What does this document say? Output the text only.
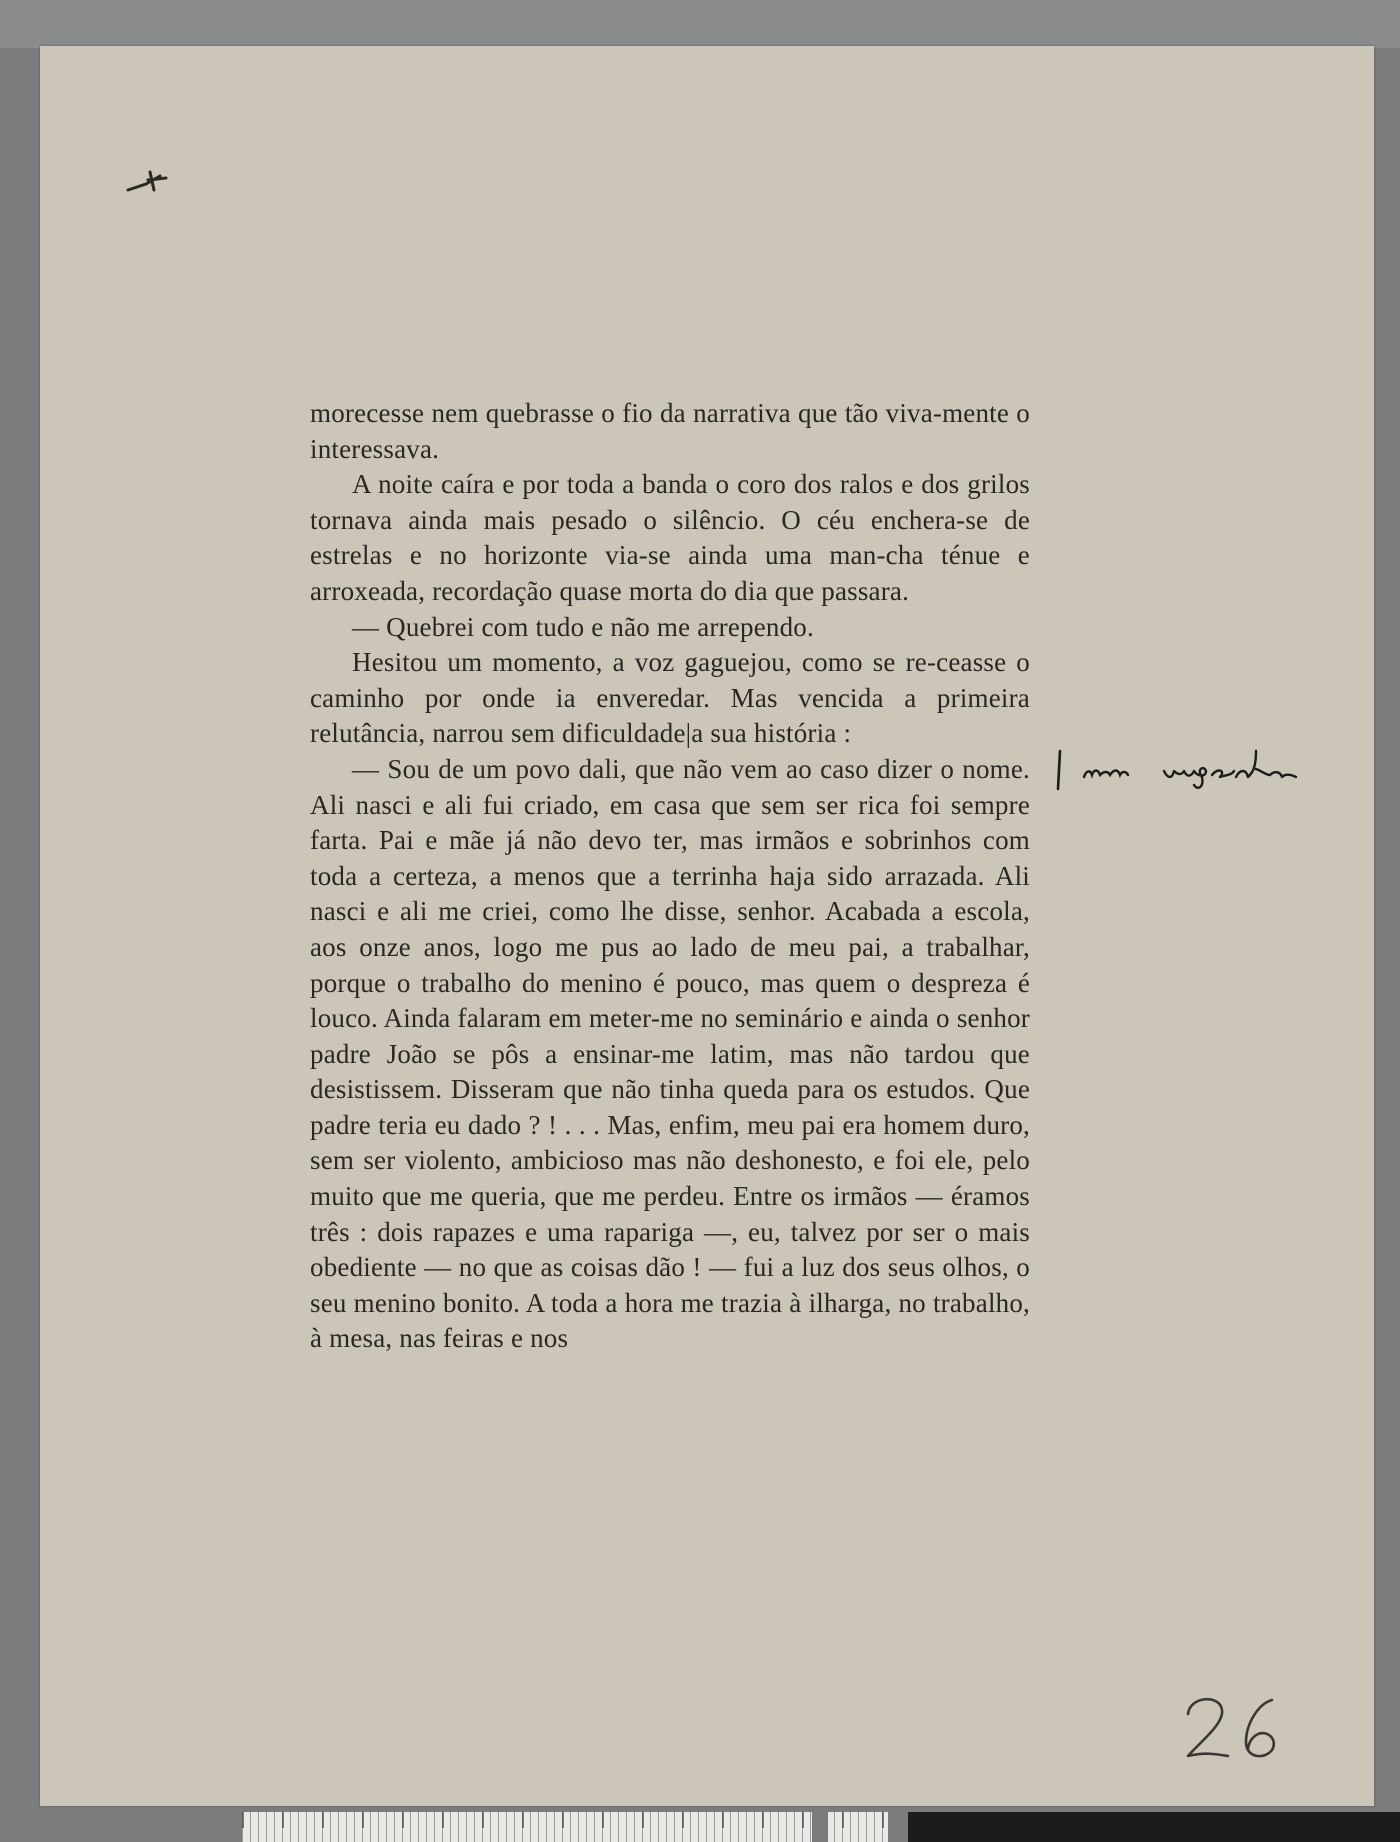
morecesse nem quebrasse o fio da narrativa que tão viva-mente o interessava.

A noite caíra e por toda a banda o coro dos ralos e dos grilos tornava ainda mais pesado o silêncio. O céu enchera-se de estrelas e no horizonte via-se ainda uma man-cha ténue e arroxeada, recordação quase morta do dia que passara.

— Quebrei com tudo e não me arrependo.

Hesitou um momento, a voz gaguejou, como se re-ceasse o caminho por onde ia enveredar. Mas vencida a primeira relutância, narrou sem dificuldade|a sua história :

— Sou de um povo dali, que não vem ao caso dizer o nome. Ali nasci e ali fui criado, em casa que sem ser rica foi sempre farta. Pai e mãe já não devo ter, mas irmãos e sobrinhos com toda a certeza, a menos que a terrinha haja sido arrazada. Ali nasci e ali me criei, como lhe disse, senhor. Acabada a escola, aos onze anos, logo me pus ao lado de meu pai, a trabalhar, porque o trabalho do menino é pouco, mas quem o despreza é louco. Ainda falaram em meter-me no seminário e ainda o senhor padre João se pôs a ensinar-me latim, mas não tardou que desistissem. Disseram que não tinha queda para os estudos. Que padre teria eu dado ? ! . . . Mas, enfim, meu pai era homem duro, sem ser violento, ambicioso mas não deshonesto, e foi ele, pelo muito que me queria, que me perdeu. Entre os irmãos — éramos três : dois rapazes e uma rapariga —, eu, talvez por ser o mais obediente — no que as coisas dão ! — fui a luz dos seus olhos, o seu menino bonito. A toda a hora me trazia à ilharga, no trabalho, à mesa, nas feiras e nos
